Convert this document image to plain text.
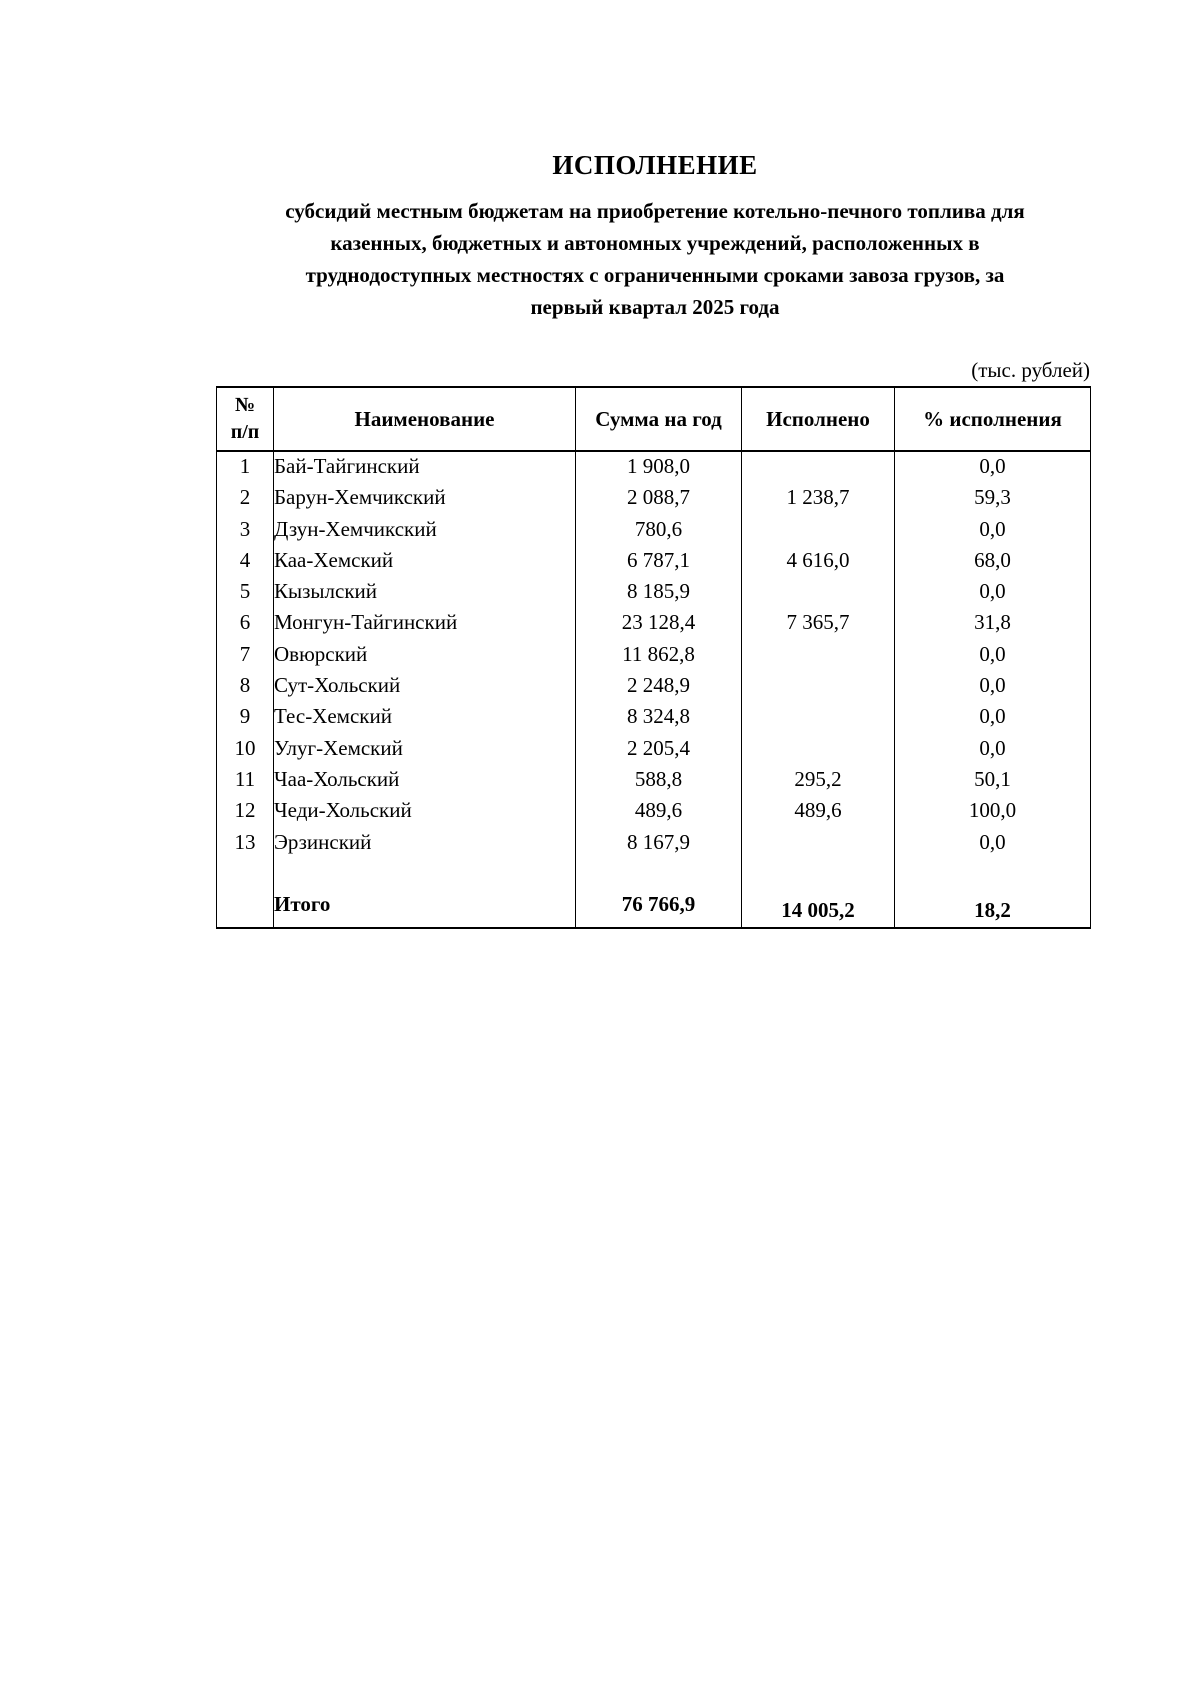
ИСПОЛНЕНИЕ
субсидий местным бюджетам на приобретение котельно-печного топлива для
казенных, бюджетных и автономных учреждений, расположенных в
труднодоступных местностях с ограниченными сроками завоза грузов, за
первый квартал 2025 года
(тыс. рублей)
№
п/п	Наименование	Сумма на год	Исполнено	% исполнения
1	Бай-Тайгинский	1 908,0		0,0
2	Барун-Хемчикский	2 088,7	1 238,7	59,3
3	Дзун-Хемчикский	780,6		0,0
4	Каа-Хемский	6 787,1	4 616,0	68,0
5	Кызылский	8 185,9		0,0
6	Монгун-Тайгинский	23 128,4	7 365,7	31,8
7	Овюрский	11 862,8		0,0
8	Сут-Хольский	2 248,9		0,0
9	Тес-Хемский	8 324,8		0,0
10	Улуг-Хемский	2 205,4		0,0
11	Чаа-Хольский	588,8	295,2	50,1
12	Чеди-Хольский	489,6	489,6	100,0
13	Эрзинский	8 167,9		0,0

	Итого	76 766,9	14 005,2	18,2
